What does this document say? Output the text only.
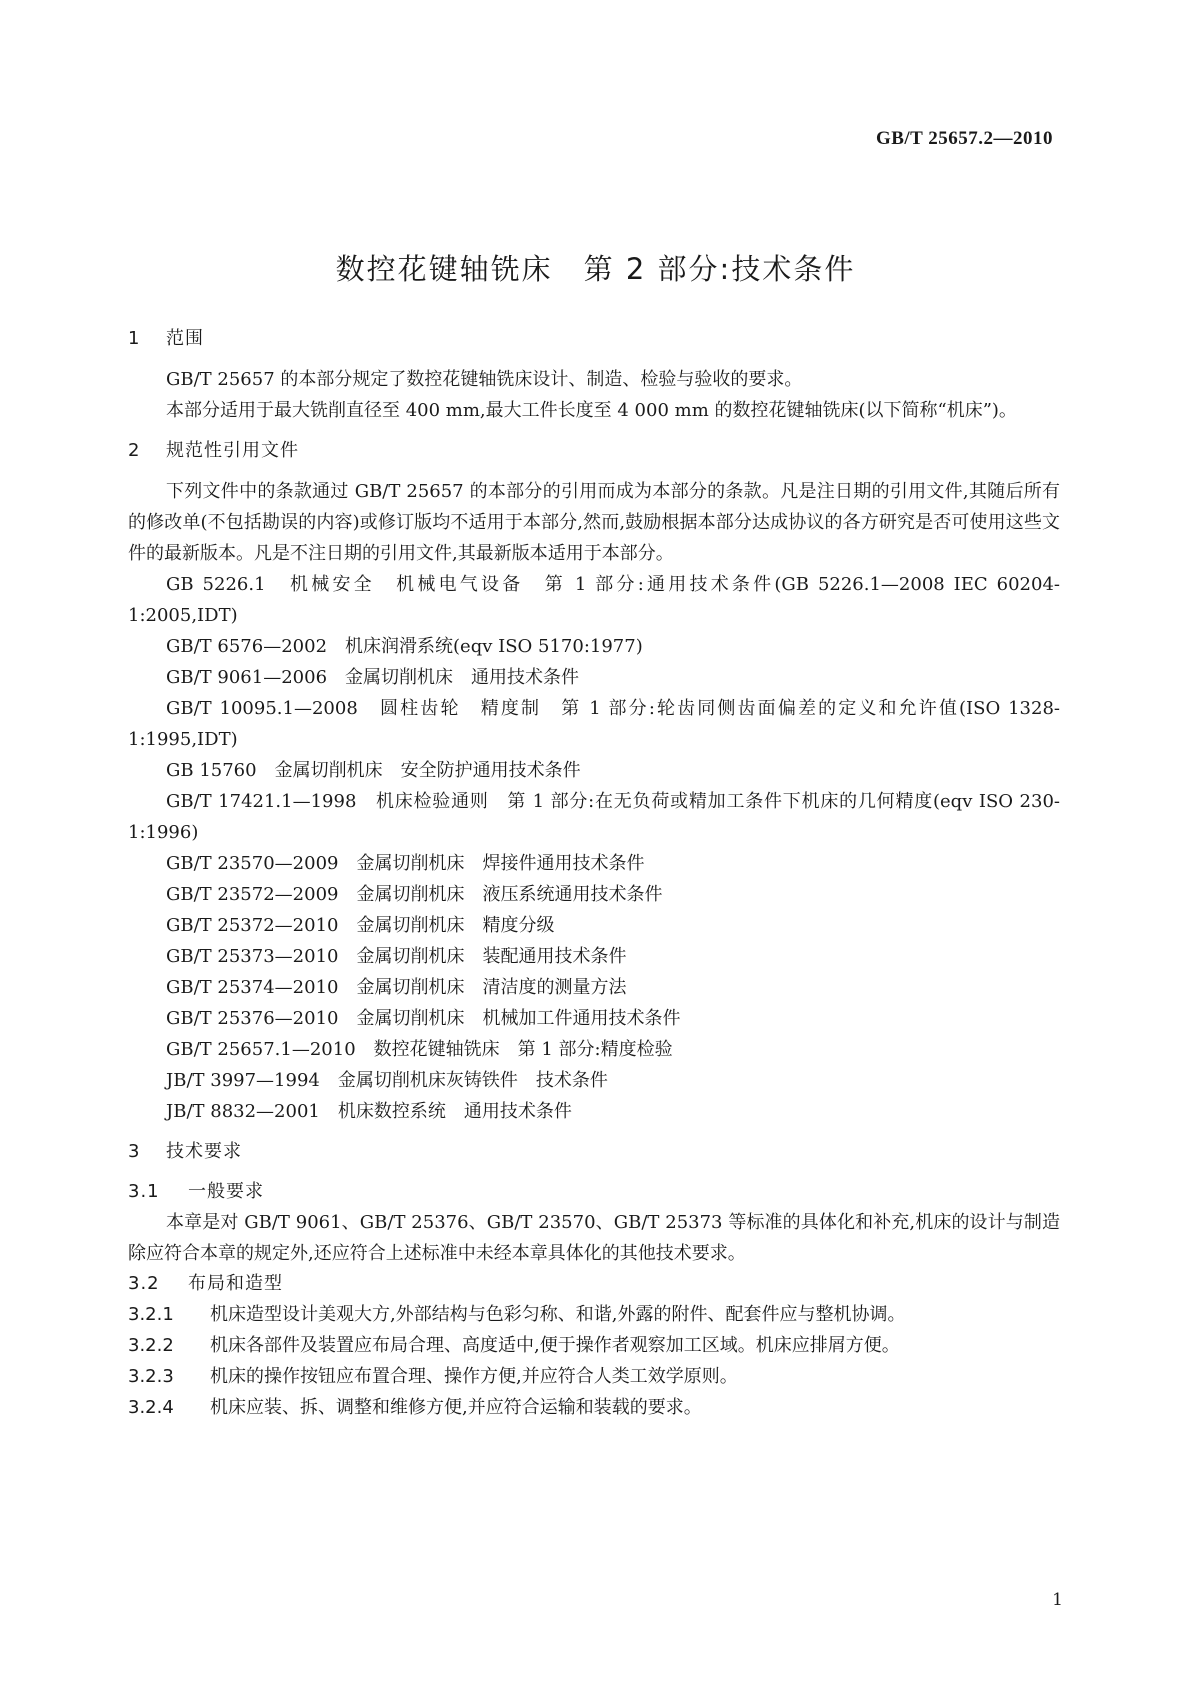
GB/T 25657.2—2010
数控花键轴铣床　第 2 部分:技术条件
1 范围
GB/T 25657 的本部分规定了数控花键轴铣床设计、制造、检验与验收的要求。
本部分适用于最大铣削直径至 400 mm,最大工件长度至 4 000 mm 的数控花键轴铣床(以下简称“机床”)。
2 规范性引用文件
下列文件中的条款通过 GB/T 25657 的本部分的引用而成为本部分的条款。凡是注日期的引用文件,其随后所有的修改单(不包括勘误的内容)或修订版均不适用于本部分,然而,鼓励根据本部分达成协议的各方研究是否可使用这些文件的最新版本。凡是不注日期的引用文件,其最新版本适用于本部分。
GB 5226.1　机械安全　机械电气设备　第 1 部分:通用技术条件(GB 5226.1—2008 IEC 60204-1:2005,IDT)
GB/T 6576—2002　机床润滑系统(eqv ISO 5170:1977)
GB/T 9061—2006　金属切削机床　通用技术条件
GB/T 10095.1—2008　圆柱齿轮　精度制　第 1 部分:轮齿同侧齿面偏差的定义和允许值(ISO 1328-1:1995,IDT)
GB 15760　金属切削机床　安全防护通用技术条件
GB/T 17421.1—1998　机床检验通则　第 1 部分:在无负荷或精加工条件下机床的几何精度(eqv ISO 230-1:1996)
GB/T 23570—2009　金属切削机床　焊接件通用技术条件
GB/T 23572—2009　金属切削机床　液压系统通用技术条件
GB/T 25372—2010　金属切削机床　精度分级
GB/T 25373—2010　金属切削机床　装配通用技术条件
GB/T 25374—2010　金属切削机床　清洁度的测量方法
GB/T 25376—2010　金属切削机床　机械加工件通用技术条件
GB/T 25657.1—2010　数控花键轴铣床　第 1 部分:精度检验
JB/T 3997—1994　金属切削机床灰铸铁件　技术条件
JB/T 8832—2001　机床数控系统　通用技术条件
3 技术要求
3.1 一般要求
本章是对 GB/T 9061、GB/T 25376、GB/T 23570、GB/T 25373 等标准的具体化和补充,机床的设计与制造除应符合本章的规定外,还应符合上述标准中未经本章具体化的其他技术要求。
3.2 布局和造型
3.2.1 机床造型设计美观大方,外部结构与色彩匀称、和谐,外露的附件、配套件应与整机协调。
3.2.2 机床各部件及装置应布局合理、高度适中,便于操作者观察加工区域。机床应排屑方便。
3.2.3 机床的操作按钮应布置合理、操作方便,并应符合人类工效学原则。
3.2.4 机床应装、拆、调整和维修方便,并应符合运输和装载的要求。
1
